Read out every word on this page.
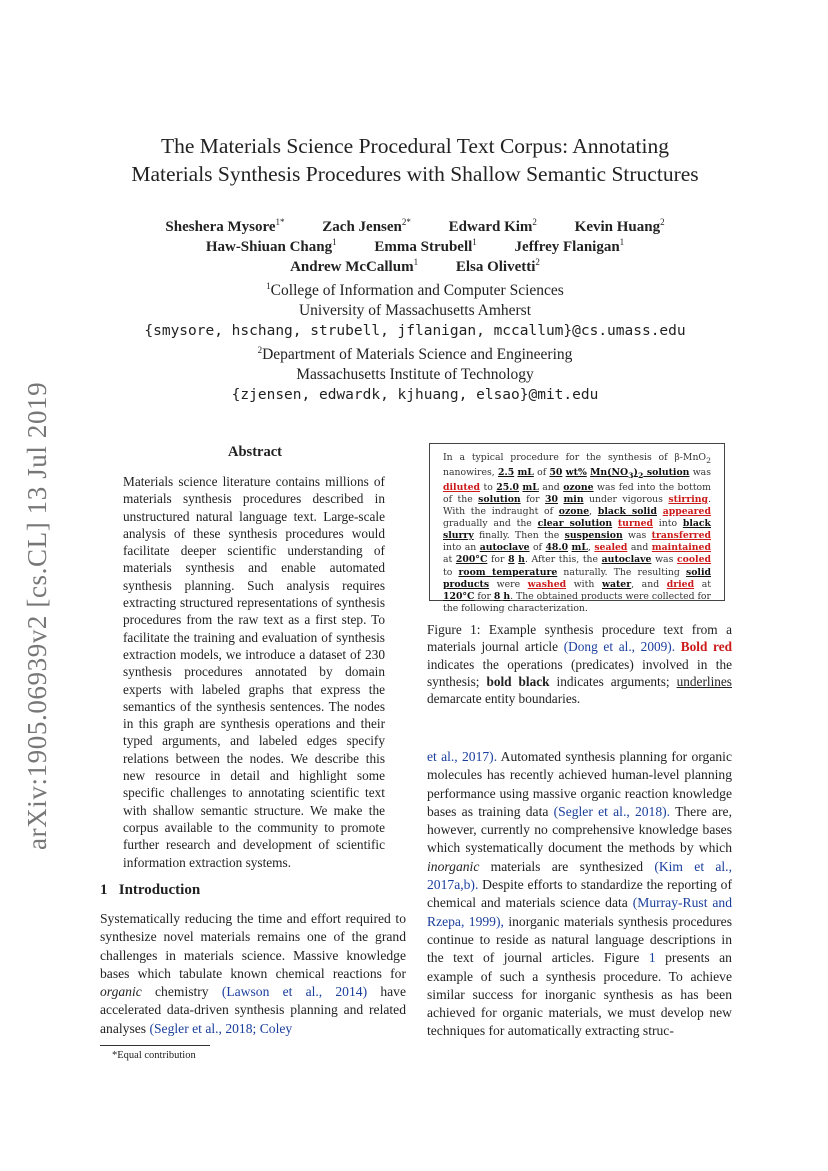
The Materials Science Procedural Text Corpus: Annotating
Materials Synthesis Procedures with Shallow Semantic Structures
Sheshera Mysore$^{1*}$	Zach Jensen$^{2*}$	Edward Kim$^2$	Kevin Huang$^2$
Haw-Shiuan Chang$^1$	Emma Strubell$^1$	Jeffrey Flanigan$^1$
Andrew McCallum$^1$	Elsa Olivetti$^2$
$^1$College of Information and Computer Sciences
University of Massachusetts Amherst
{smysore, hschang, strubell, jflanigan, mccallum}@cs.umass.edu
$^2$Department of Materials Science and Engineering
Massachusetts Institute of Technology
{zjensen, edwardk, kjhuang, elsao}@mit.edu
arXiv:1905.06939v2 [cs.CL] 13 Jul 2019	Abstract
Materials science literature contains millions of materials synthesis procedures described in unstructured natural language text. Large-scale analysis of these synthesis procedures would facilitate deeper scientific understanding of materials synthesis and enable automated synthesis planning. Such analysis requires extracting structured representations of synthesis procedures from the raw text as a first step. To facilitate the training and evaluation of synthesis extraction models, we introduce a dataset of 230 synthesis procedures annotated by domain experts with labeled graphs that express the semantics of the synthesis sentences. The nodes in this graph are synthesis operations and their typed arguments, and labeled edges specify relations between the nodes. We describe this new resource in detail and highlight some specific challenges to annotating scientific text with shallow semantic structure. We make the corpus available to the community to promote further research and development of scientific information extraction systems.
1 Introduction
Systematically reducing the time and effort required to synthesize novel materials remains one of the grand challenges in materials science. Massive knowledge bases which tabulate known chemical reactions for organic chemistry (Lawson et al., 2014) have accelerated data-driven synthesis planning and related analyses (Segler et al., 2018; Coley
*Equal contribution
In a typical procedure for the synthesis of β-MnO$_2$ nanowires, 2.5 mL of 50 wt% $Mn(NO_3)_2$ solution was diluted to 25.0 mL and ozone was fed into the bottom of the solution for 30 min under vigorous stirring. With the indraught of ozone, black solid appeared gradually and the clear solution turned into black slurry finally. Then the suspension was transferred into an autoclave of 48.0 mL, sealed and maintained at 200°C for 8 h. After this, the autoclave was cooled to room temperature naturally. The resulting solid products were washed with water, and dried at 120°C for 8 h. The obtained products were collected for the following characterization.
Figure 1: Example synthesis procedure text from a materials journal article (Dong et al., 2009). Bold red indicates the operations (predicates) involved in the synthesis; bold black indicates arguments; underlines demarcate entity boundaries.
et al., 2017). Automated synthesis planning for organic molecules has recently achieved human-level planning performance using massive organic reaction knowledge bases as training data (Segler et al., 2018). There are, however, currently no comprehensive knowledge bases which systematically document the methods by which inorganic materials are synthesized (Kim et al., 2017a,b). Despite efforts to standardize the reporting of chemical and materials science data (Murray-Rust and Rzepa, 1999), inorganic materials synthesis procedures continue to reside as natural language descriptions in the text of journal articles. Figure 1 presents an example of such a synthesis procedure. To achieve similar success for inorganic synthesis as has been achieved for organic materials, we must develop new techniques for automatically extracting struc-
